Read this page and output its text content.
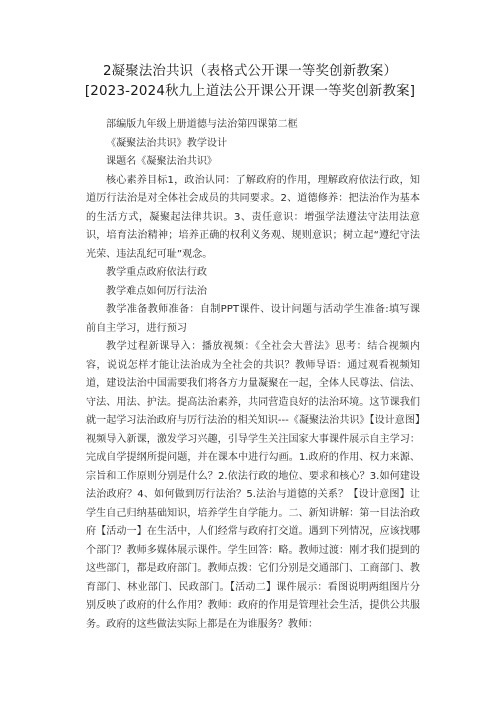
2凝聚法治共识（表格式公开课一等奖创新教案）
[2023-2024秋九上道法公开课公开课一等奖创新教案]

部编版九年级上册道德与法治第四课第二框

《凝聚法治共识》教学设计

课题名《凝聚法治共识》

核心素养目标1，政治认同：了解政府的作用，理解政府依法行政，知道厉行法治是对全体社会成员的共同要求。2、道德修养：把法治作为基本的生活方式，凝聚起法律共识。3、责任意识：增强学法遵法守法用法意识，培育法治精神；培养正确的权利义务观、规则意识；树立起“遵纪守法光荣、违法乱纪可耻”观念。

教学重点政府依法行政

教学难点如何厉行法治

教学准备教师准备：自制PPT课件、设计问题与活动学生准备:填写课前自主学习，进行预习

教学过程新课导入：播放视频：《全社会大普法》思考：结合视频内容，说说怎样才能让法治成为全社会的共识？教师导语：通过观看视频知道，建设法治中国需要我们将各方力量凝聚在一起，全体人民尊法、信法、守法、用法、护法。提高法治素养，共同营造良好的法治环境。这节课我们就一起学习法治政府与厉行法治的相关知识---《凝聚法治共识》【设计意图】视频导入新课，激发学习兴趣，引导学生关注国家大事课件展示自主学习：完成自学提纲所提问题，并在课本中进行勾画。1.政府的作用、权力来源、宗旨和工作原则分别是什么？2.依法行政的地位、要求和核心？3.如何建设法治政府？4、如何做到厉行法治？5.法治与道德的关系？【设计意图】让学生自己归纳基础知识，培养学生自学能力。二、新知讲解：第一目法治政府【活动一】在生活中，人们经常与政府打交道。遇到下列情况，应该找哪个部门？教师多媒体展示课件。学生回答：略。教师过渡：刚才我们提到的这些部门，都是政府部门。教师点拨：它们分别是交通部门、工商部门、教育部门、林业部门、民政部门。【活动二】课件展示：看图说明两组图片分别反映了政府的什么作用？教师：政府的作用是管理社会生活，提供公共服务。政府的这些做法实际上都是在为谁服务？教师：
